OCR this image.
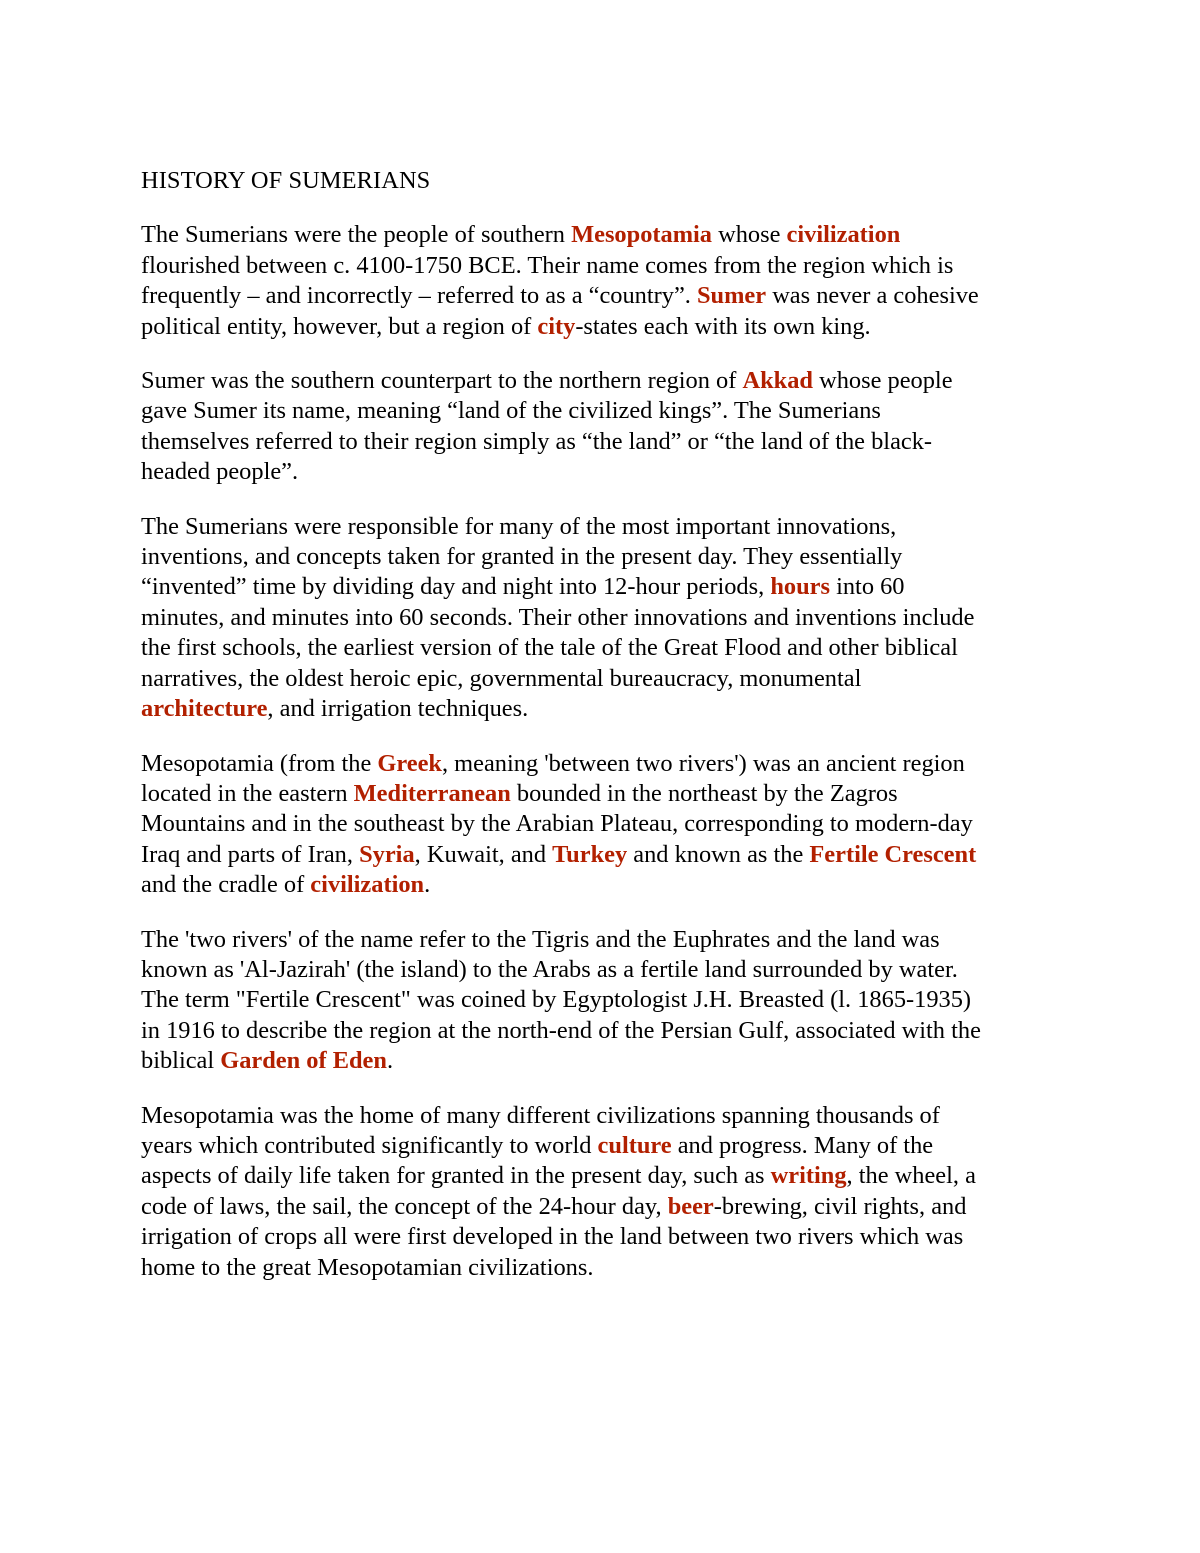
HISTORY OF SUMERIANS

The Sumerians were the people of southern Mesopotamia whose civilization
flourished between c. 4100-1750 BCE. Their name comes from the region which is
frequently – and incorrectly – referred to as a “country”. Sumer was never a cohesive
political entity, however, but a region of city-states each with its own king.

Sumer was the southern counterpart to the northern region of Akkad whose people
gave Sumer its name, meaning “land of the civilized kings”. The Sumerians
themselves referred to their region simply as “the land” or “the land of the black-
headed people”.

The Sumerians were responsible for many of the most important innovations,
inventions, and concepts taken for granted in the present day. They essentially
“invented” time by dividing day and night into 12-hour periods, hours into 60
minutes, and minutes into 60 seconds. Their other innovations and inventions include
the first schools, the earliest version of the tale of the Great Flood and other biblical
narratives, the oldest heroic epic, governmental bureaucracy, monumental
architecture, and irrigation techniques.

Mesopotamia (from the Greek, meaning 'between two rivers') was an ancient region
located in the eastern Mediterranean bounded in the northeast by the Zagros
Mountains and in the southeast by the Arabian Plateau, corresponding to modern-day
Iraq and parts of Iran, Syria, Kuwait, and Turkey and known as the Fertile Crescent
and the cradle of civilization.

The 'two rivers' of the name refer to the Tigris and the Euphrates and the land was
known as 'Al-Jazirah' (the island) to the Arabs as a fertile land surrounded by water.
The term "Fertile Crescent" was coined by Egyptologist J.H. Breasted (l. 1865-1935)
in 1916 to describe the region at the north-end of the Persian Gulf, associated with the
biblical Garden of Eden.

Mesopotamia was the home of many different civilizations spanning thousands of
years which contributed significantly to world culture and progress. Many of the
aspects of daily life taken for granted in the present day, such as writing, the wheel, a
code of laws, the sail, the concept of the 24-hour day, beer-brewing, civil rights, and
irrigation of crops all were first developed in the land between two rivers which was
home to the great Mesopotamian civilizations.
